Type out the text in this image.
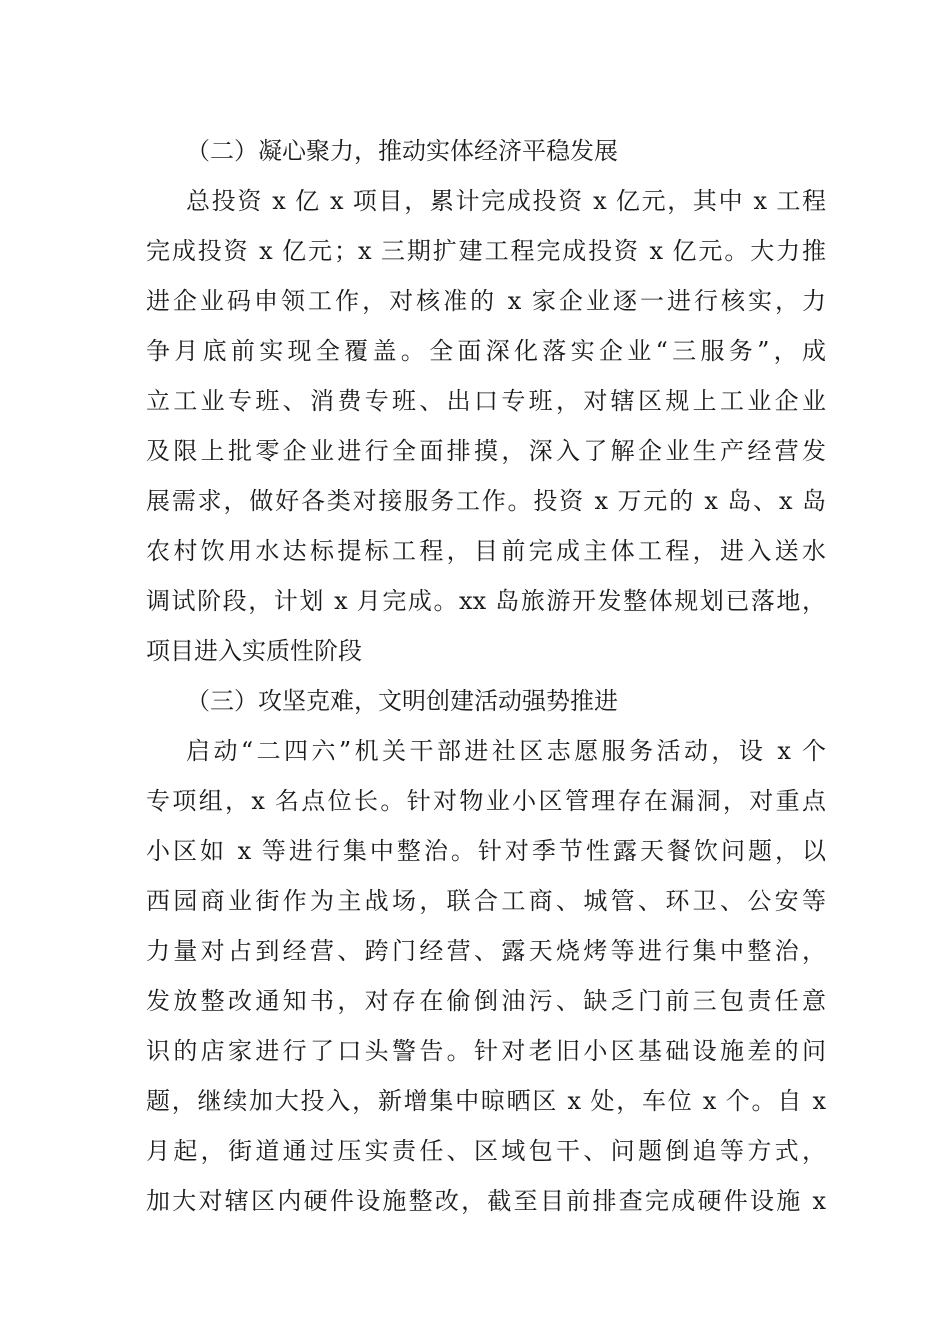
（二）凝心聚力，推动实体经济平稳发展
总投资 x 亿 x 项目，累计完成投资 x 亿元，其中 x 工程
完成投资 x 亿元；x 三期扩建工程完成投资 x 亿元。大力推
进企业码申领工作，对核准的 x 家企业逐一进行核实，力
争月底前实现全覆盖。全面深化落实企业“三服务”，成
立工业专班、消费专班、出口专班，对辖区规上工业企业
及限上批零企业进行全面排摸，深入了解企业生产经营发
展需求，做好各类对接服务工作。投资 x 万元的 x 岛、x 岛
农村饮用水达标提标工程，目前完成主体工程，进入送水
调试阶段，计划 x 月完成。xx 岛旅游开发整体规划已落地，
项目进入实质性阶段
（三）攻坚克难，文明创建活动强势推进
启动“二四六”机关干部进社区志愿服务活动，设 x 个
专项组，x 名点位长。针对物业小区管理存在漏洞，对重点
小区如 x 等进行集中整治。针对季节性露天餐饮问题，以
西园商业街作为主战场，联合工商、城管、环卫、公安等
力量对占到经营、跨门经营、露天烧烤等进行集中整治，
发放整改通知书，对存在偷倒油污、缺乏门前三包责任意
识的店家进行了口头警告。针对老旧小区基础设施差的问
题，继续加大投入，新增集中晾晒区 x 处，车位 x 个。自 x
月起，街道通过压实责任、区域包干、问题倒追等方式，
加大对辖区内硬件设施整改，截至目前排查完成硬件设施 x
